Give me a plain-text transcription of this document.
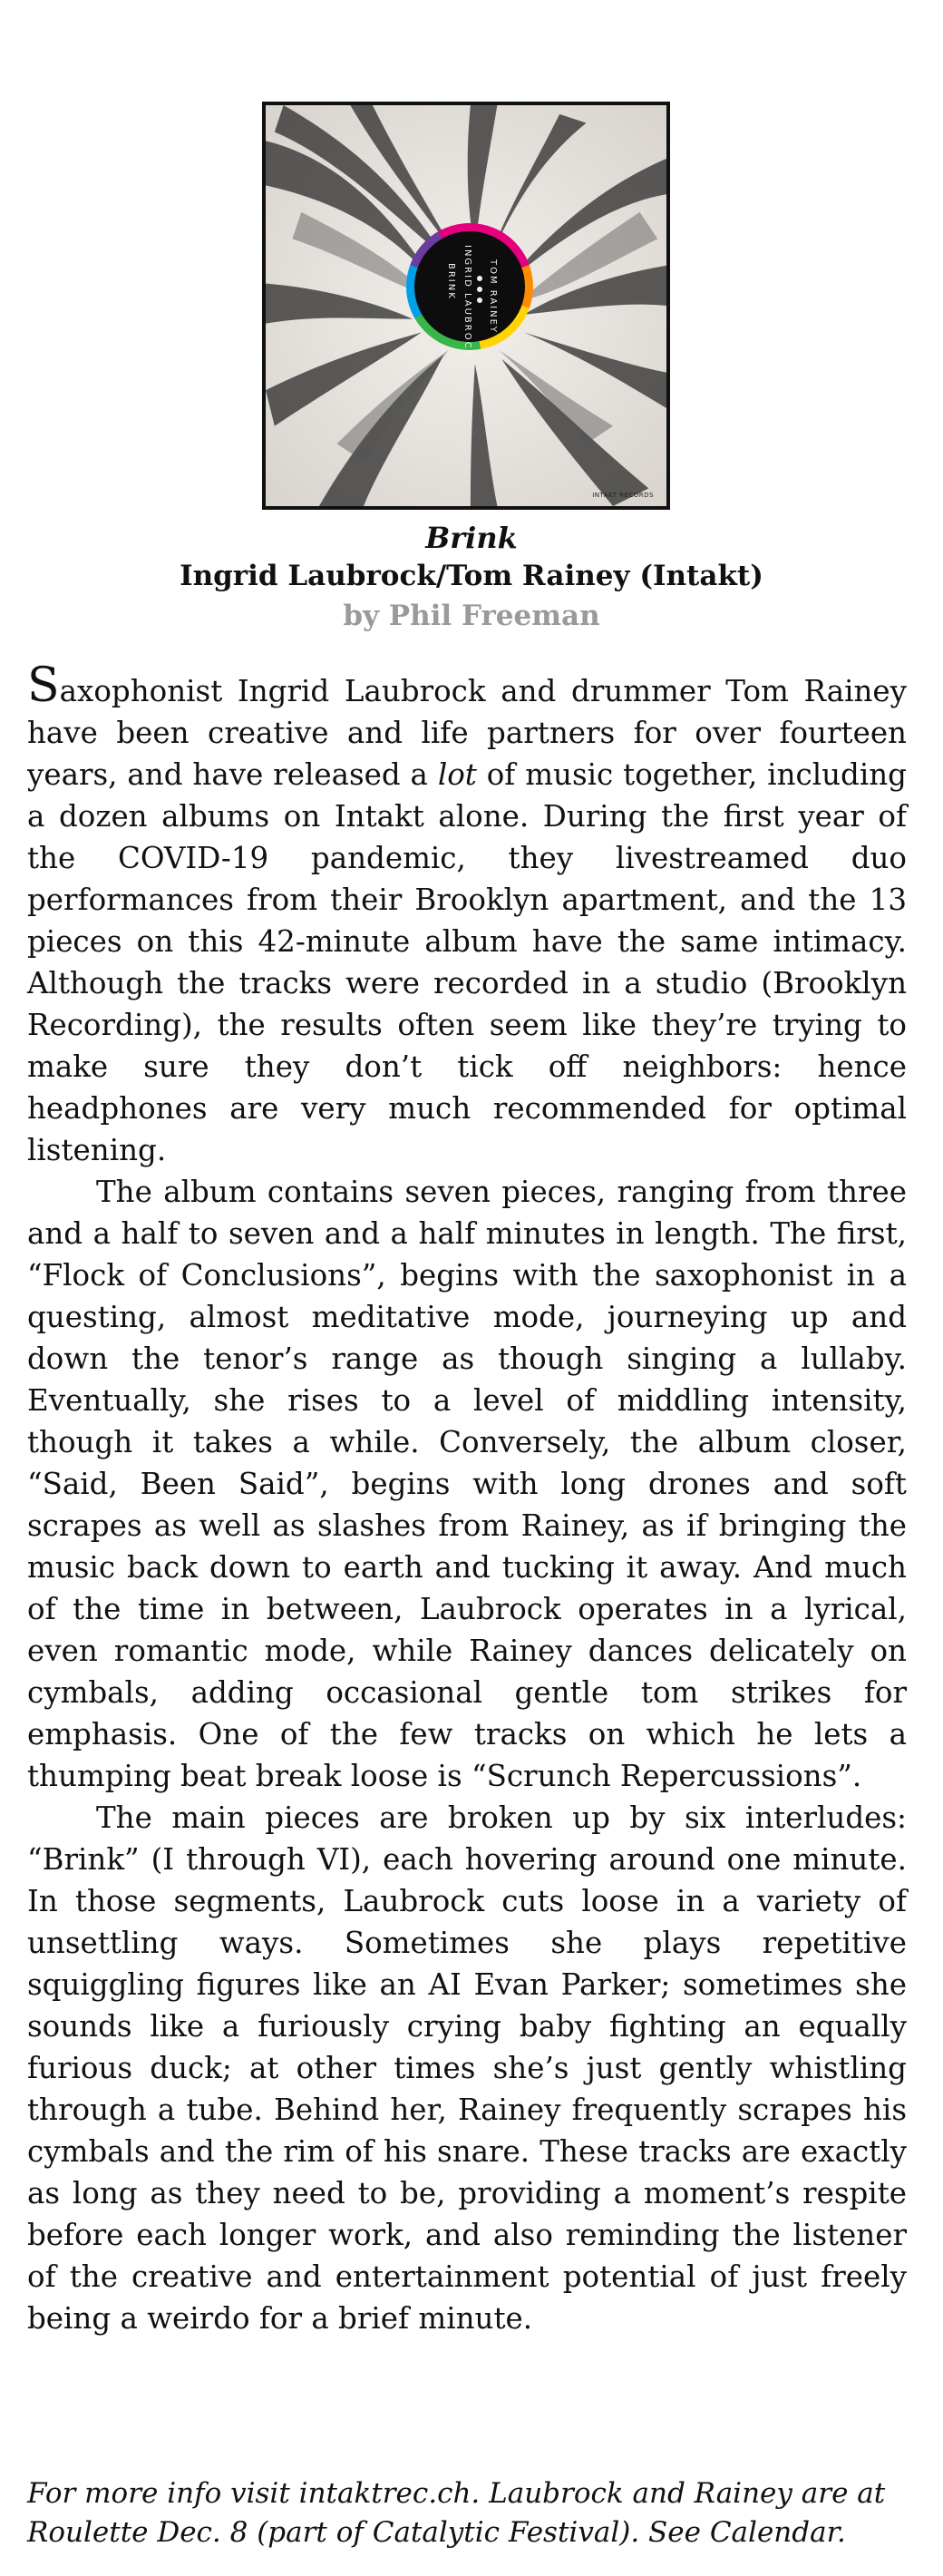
BRINK INGRID LAUBROCK TOM RAINEY
INTAKT RECORDS
Brink
Ingrid Laubrock/Tom Rainey (Intakt)
by Phil Freeman

Saxophonist Ingrid Laubrock and drummer Tom Rainey have been creative and life partners for over fourteen years, and have released a lot of music together, including a dozen albums on Intakt alone. During the first year of the COVID-19 pandemic, they livestreamed duo performances from their Brooklyn apartment, and the 13 pieces on this 42-minute album have the same intimacy. Although the tracks were recorded in a studio (Brooklyn Recording), the results often seem like they’re trying to make sure they don’t tick off neighbors: hence headphones are very much recommended for optimal listening.

The album contains seven pieces, ranging from three and a half to seven and a half minutes in length. The first, “Flock of Conclusions”, begins with the saxophonist in a questing, almost meditative mode, journeying up and down the tenor’s range as though singing a lullaby. Eventually, she rises to a level of middling intensity, though it takes a while. Conversely, the album closer, “Said, Been Said”, begins with long drones and soft scrapes as well as slashes from Rainey, as if bringing the music back down to earth and tucking it away. And much of the time in between, Laubrock operates in a lyrical, even romantic mode, while Rainey dances delicately on cymbals, adding occasional gentle tom strikes for emphasis. One of the few tracks on which he lets a thumping beat break loose is “Scrunch Repercussions”.

The main pieces are broken up by six interludes: “Brink” (I through VI), each hovering around one minute. In those segments, Laubrock cuts loose in a variety of unsettling ways. Sometimes she plays repetitive squiggling figures like an AI Evan Parker; sometimes she sounds like a furiously crying baby fighting an equally furious duck; at other times she’s just gently whistling through a tube. Behind her, Rainey frequently scrapes his cymbals and the rim of his snare. These tracks are exactly as long as they need to be, providing a moment’s respite before each longer work, and also reminding the listener of the creative and entertainment potential of just freely being a weirdo for a brief minute.

For more info visit intaktrec.ch. Laubrock and Rainey are at Roulette Dec. 8 (part of Catalytic Festival). See Calendar.
